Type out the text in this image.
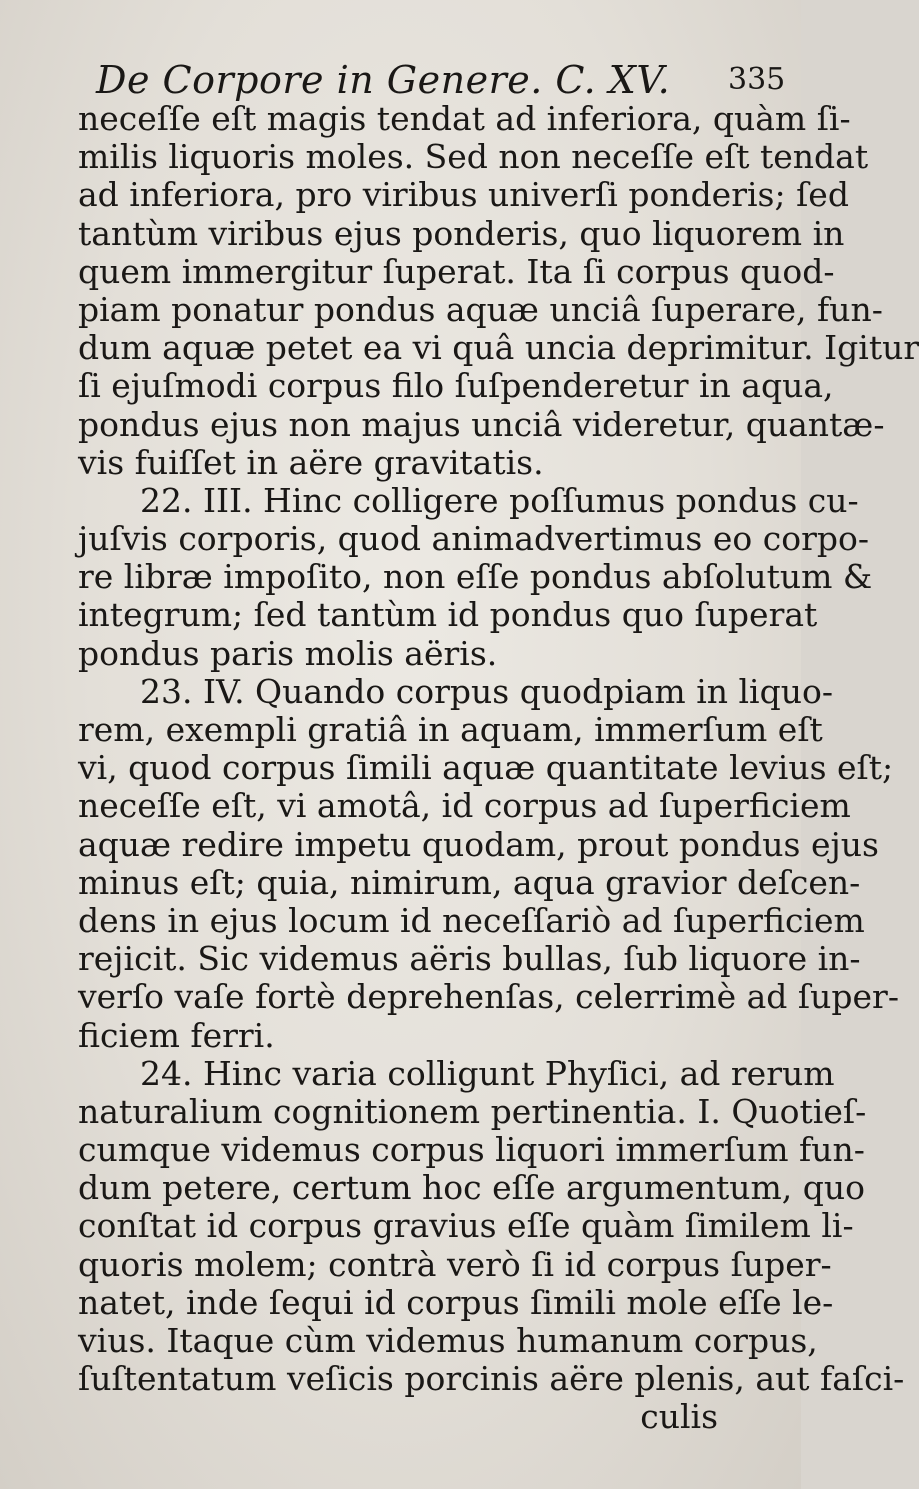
De Corpore in Genere. C. XV. 335
neceſſe eſt magis tendat ad inferiora, quàm ſi-
milis liquoris moles. Sed non neceſſe eſt tendat
ad inferiora, pro viribus univerſi ponderis; ſed
tantùm viribus ejus ponderis, quo liquorem in
quem immergitur ſuperat. Ita ſi corpus quod-
piam ponatur pondus aquæ unciâ ſuperare, fun-
dum aquæ petet ea vi quâ uncia deprimitur. Igitur
ſi ejuſmodi corpus filo ſuſpenderetur in aqua,
pondus ejus non majus unciâ videretur, quantæ-
vis fuiſſet in aëre gravitatis.
22. III. Hinc colligere poſſumus pondus cu-
juſvis corporis, quod animadvertimus eo corpo-
re libræ impoſito, non eſſe pondus abſolutum &
integrum; ſed tantùm id pondus quo ſuperat
pondus paris molis aëris.
23. IV. Quando corpus quodpiam in liquo-
rem, exempli gratiâ in aquam, immerſum eſt
vi, quod corpus ſimili aquæ quantitate levius eſt;
neceſſe eſt, vi amotâ, id corpus ad ſuperficiem
aquæ redire impetu quodam, prout pondus ejus
minus eſt; quia, nimirum, aqua gravior deſcen-
dens in ejus locum id neceſſariò ad ſuperficiem
rejicit. Sic videmus aëris bullas, ſub liquore in-
verſo vaſe fortè deprehenſas, celerrimè ad ſuper-
ficiem ferri.
24. Hinc varia colligunt Phyſici, ad rerum
naturalium cognitionem pertinentia. I. Quotieſ-
cumque videmus corpus liquori immerſum fun-
dum petere, certum hoc eſſe argumentum, quo
conſtat id corpus gravius eſſe quàm ſimilem li-
quoris molem; contrà verò ſi id corpus ſuper-
natet, inde ſequi id corpus ſimili mole eſſe le-
vius. Itaque cùm videmus humanum corpus,
ſuſtentatum veſicis porcinis aëre plenis, aut faſci-
culis
